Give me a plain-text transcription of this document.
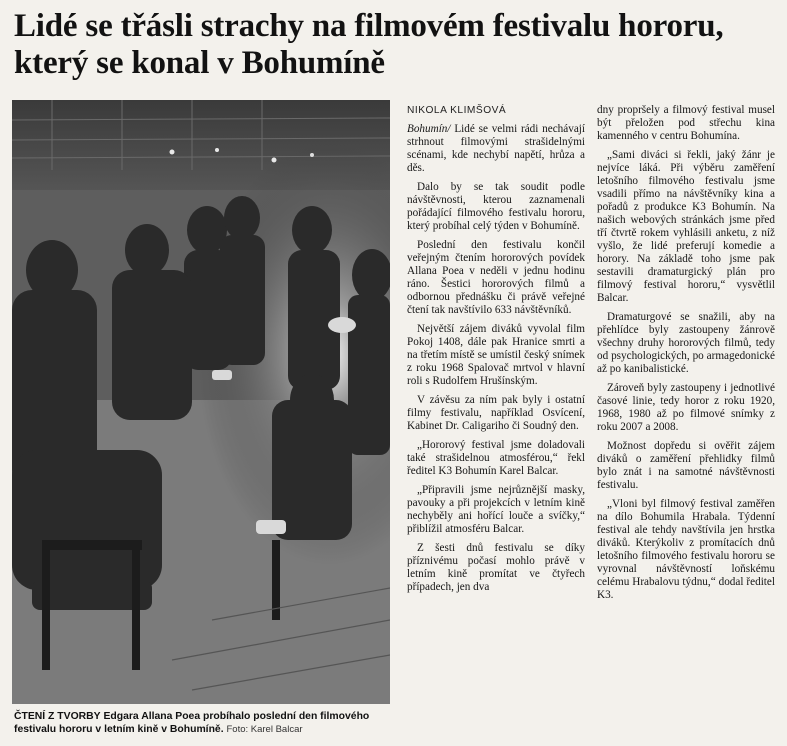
Lidé se třásli strachy na filmovém festivalu hororu, který se konal v Bohumíně
ČTENÍ Z TVORBY Edgara Allana Poea probíhalo poslední den filmového festivalu hororu v letním kině v Bohumíně. Foto: Karel Balcar
NIKOLA KLIMŠOVÁ

Bohumín/ Lidé se velmi rádi nechávají strhnout filmovými strašidelnými scénami, kde nechybí napětí, hrůza a děs.

Dalo by se tak soudit podle návštěvnosti, kterou zaznamenali pořádající filmového festivalu hororu, který probíhal celý týden v Bohumíně.

Poslední den festivalu končil veřejným čtením hororových povídek Allana Poea v neděli v jednu hodinu ráno. Šestici hororových filmů a odbornou přednášku či právě veřejné čtení tak navštívilo 633 návštěvníků.

Největší zájem diváků vyvolal film Pokoj 1408, dále pak Hranice smrti a na třetím místě se umístil český snímek z roku 1968 Spalovač mrtvol v hlavní roli s Rudolfem Hrušínským.

V závěsu za ním pak byly i ostatní filmy festivalu, například Osvícení, Kabinet Dr. Caligariho či Soudný den.

„Hororový festival jsme doladovali také strašidelnou atmosférou,“ řekl ředitel K3 Bohumín Karel Balcar.

„Připravili jsme nejrůznější masky, pavouky a při projekcích v letním kině nechyběly ani hořící louče a svíčky,“ přiblížil atmosféru Balcar.

Z šesti dnů festivalu se díky příznivému počasí mohlo právě v letním kině promítat ve čtyřech případech, jen dva

dny propršely a filmový festival musel být přeložen pod střechu kina kamenného v centru Bohumína.

„Sami diváci si řekli, jaký žánr je nejvíce láká. Při výběru zaměření letošního filmového festivalu jsme vsadili přímo na návštěvníky kina a pořadů z produkce K3 Bohumín. Na našich webových stránkách jsme před tří čtvrtě rokem vyhlásili anketu, z níž vyšlo, že lidé preferují komedie a horory. Na základě toho jsme pak sestavili dramaturgický plán pro filmový festival hororu,“ vysvětlil Balcar.

Dramaturgové se snažili, aby na přehlídce byly zastoupeny žánrově všechny druhy hororových filmů, tedy od psychologických, po armagedonické až po kanibalistické.

Zároveň byly zastoupeny i jednotlivé časové linie, tedy horor z roku 1920, 1968, 1980 až po filmové snímky z roku 2007 a 2008.

Možnost dopředu si ověřit zájem diváků o zaměření přehlidky filmů bylo znát i na samotné návštěvnosti festivalu.

„Vloni byl filmový festival zaměřen na dílo Bohumila Hrabala. Týdenní festival ale tehdy navštívila jen hrstka diváků. Kterýkoliv z promítacích dnů letošního filmového festivalu hororu se vyrovnal návštěvností loňskému celému Hrabalovu týdnu,“ dodal ředitel K3.
